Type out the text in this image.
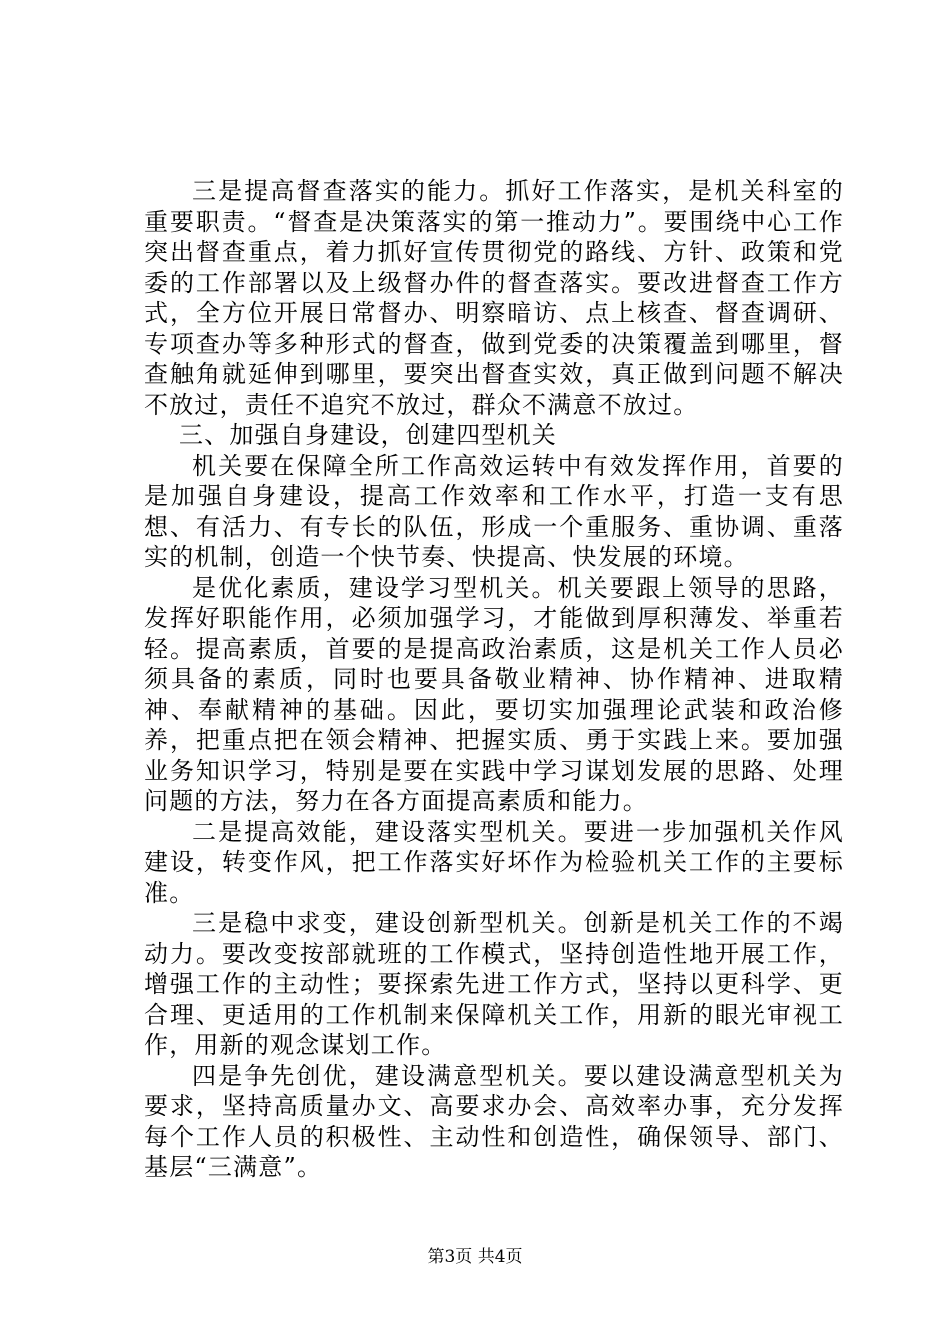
三是提高督查落实的能力。抓好工作落实，是机关科室的重要职责。“督查是决策落实的第一推动力”。要围绕中心工作突出督查重点，着力抓好宣传贯彻党的路线、方针、政策和党委的工作部署以及上级督办件的督查落实。要改进督查工作方式，全方位开展日常督办、明察暗访、点上核查、督查调研、专项查办等多种形式的督查，做到党委的决策覆盖到哪里，督查触角就延伸到哪里，要突出督查实效，真正做到问题不解决不放过，责任不追究不放过，群众不满意不放过。

三、加强自身建设，创建四型机关

机关要在保障全所工作高效运转中有效发挥作用，首要的是加强自身建设，提高工作效率和工作水平，打造一支有思想、有活力、有专长的队伍，形成一个重服务、重协调、重落实的机制，创造一个快节奏、快提高、快发展的环境。

是优化素质，建设学习型机关。机关要跟上领导的思路，发挥好职能作用，必须加强学习，才能做到厚积薄发、举重若轻。提高素质，首要的是提高政治素质，这是机关工作人员必须具备的素质，同时也要具备敬业精神、协作精神、进取精神、奉献精神的基础。因此，要切实加强理论武装和政治修养，把重点把在领会精神、把握实质、勇于实践上来。要加强业务知识学习，特别是要在实践中学习谋划发展的思路、处理问题的方法，努力在各方面提高素质和能力。

二是提高效能，建设落实型机关。要进一步加强机关作风建设，转变作风，把工作落实好坏作为检验机关工作的主要标准。

三是稳中求变，建设创新型机关。创新是机关工作的不竭动力。要改变按部就班的工作模式，坚持创造性地开展工作，增强工作的主动性；要探索先进工作方式，坚持以更科学、更合理、更适用的工作机制来保障机关工作，用新的眼光审视工作，用新的观念谋划工作。

四是争先创优，建设满意型机关。要以建设满意型机关为要求，坚持高质量办文、高要求办会、高效率办事，充分发挥每个工作人员的积极性、主动性和创造性，确保领导、部门、基层“三满意”。

第3页 共4页
